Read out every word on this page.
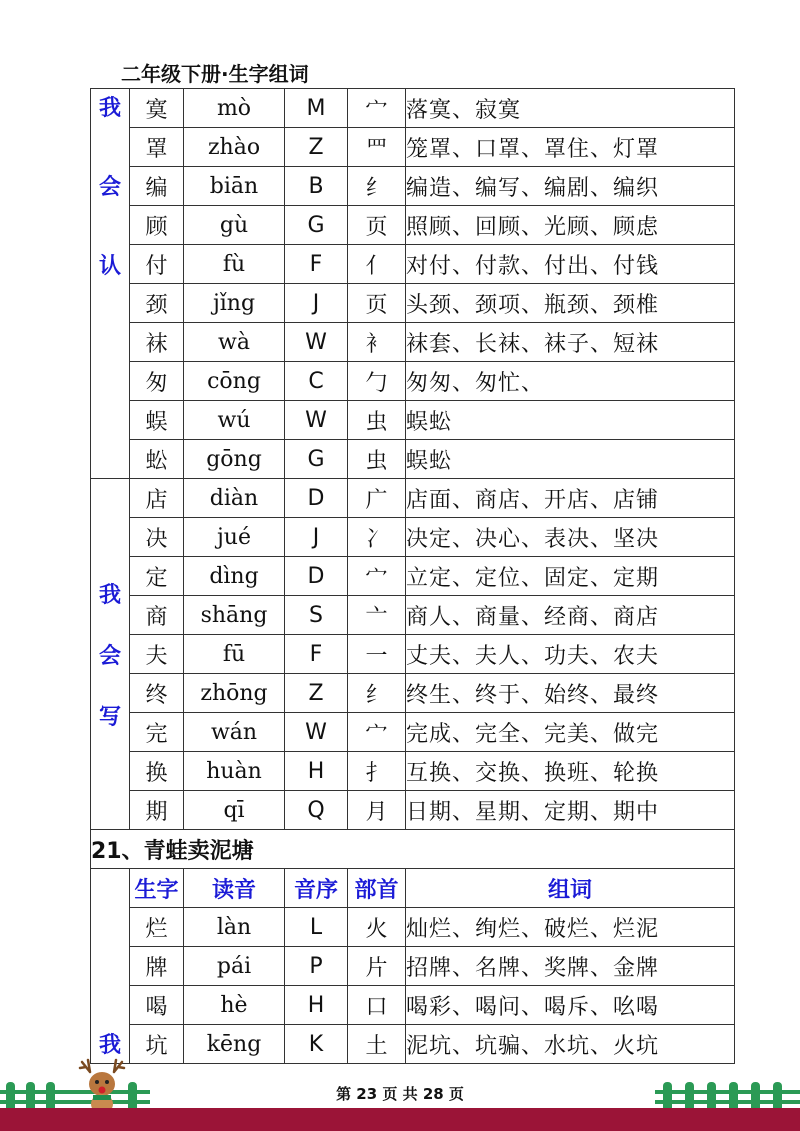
二年级下册·生字组词
我
会
认	寞	mò	M	宀	落寞、寂寞
	罩	zhào	Z	罒	笼罩、口罩、罩住、灯罩
	编	biān	B	纟	编造、编写、编剧、编织
	顾	gù	G	页	照顾、回顾、光顾、顾虑
	付	fù	F	亻	对付、付款、付出、付钱
	颈	jǐng	J	页	头颈、颈项、瓶颈、颈椎
	袜	wà	W	衤	袜套、长袜、袜子、短袜
	匆	cōng	C	勹	匆匆、匆忙、
	蜈	wú	W	虫	蜈蚣
	蚣	gōng	G	虫	蜈蚣

我
会
写	店	diàn	D	广	店面、商店、开店、店铺
	决	jué	J	冫	决定、决心、表决、坚决
	定	dìng	D	宀	立定、定位、固定、定期
	商	shāng	S	亠	商人、商量、经商、商店
	夫	fū	F	一	丈夫、夫人、功夫、农夫
	终	zhōng	Z	纟	终生、终于、始终、最终
	完	wán	W	宀	完成、完全、完美、做完
	换	huàn	H	扌	互换、交换、换班、轮换
	期	qī	Q	月	日期、星期、定期、期中
21、青蛙卖泥塘					
我	生字	读音	音序	部首	组词
	烂	làn	L	火	灿烂、绚烂、破烂、烂泥
	牌	pái	P	片	招牌、名牌、奖牌、金牌
	喝	hè	H	口	喝彩、喝问、喝斥、吆喝
	坑	kēng	K	土	泥坑、坑骗、水坑、火坑
第 23 页 共 28 页
